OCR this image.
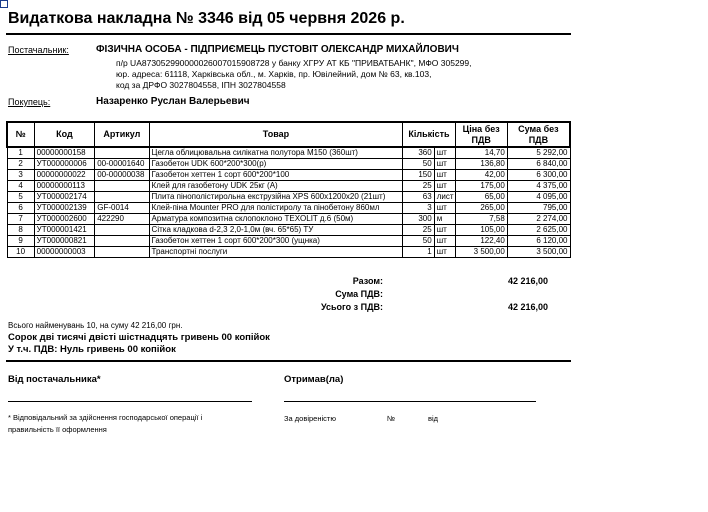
Видаткова накладна № 3346 від 05 червня 2026 р.
Постачальник:	ФІЗИЧНА ОСОБА - ПІДПРИЄМЕЦЬ ПУСТОВІТ ОЛЕКСАНДР МИХАЙЛОВИЧ
п/р UA873052990000026007015908728 у банку ХГРУ АТ КБ "ПРИВАТБАНК", МФО 305299,
юр. адреса: 61118, Харківська обл., м. Харків, пр. Ювілейний, дом № 63, кв.103,
код за ДРФО 3027804558, ІПН 3027804558
Покупець:	Назаренко Руслан Валерьевич
№	Код	Артикул	Товар	Кількість		Ціна без ПДВ	Сума без ПДВ
1	00000000158		Цегла облицювальна силікатна полутора М150 (360шт)	360	шт	14,70	5 292,00
2	УТ000000006	00-00001640	Газобетон UDK 600*200*300(р)	50	шт	136,80	6 840,00
3	00000000022	00-00000038	Газобетон хеттен 1 сорт 600*200*100	150	шт	42,00	6 300,00
4	00000000113		Клей для газобетону UDK 25кг (А)	25	шт	175,00	4 375,00
5	УТ000002174		Плита пінополістирольна екструзійна XPS 600х1200х20 (21шт)	63	лист	65,00	4 095,00
6	УТ000002139	GF-0014	Клей-піна Mounter PRO для полістиролу та пінобетону 860мл	3	шт	265,00	795,00
7	УТ000002600	422290	Арматура композитна склопоклоно TEXOLIT д.6 (50м)	300	м	7,58	2 274,00
8	УТ000001421		Сітка кладкова d-2,3 2,0-1,0м (вч. 65*65) ТУ	25	шт	105,00	2 625,00
9	УТ000000821		Газобетон хеттен 1 сорт 600*200*300 (ущнка)	50	шт	122,40	6 120,00
10	00000000003		Транспортні послуги	1	шт	3 500,00	3 500,00
Разом:	42 216,00
Сума ПДВ:
Усього з ПДВ:	42 216,00
Всього найменувань 10, на суму 42 216,00 грн.
Сорок дві тисячі двісті шістнадцять гривень 00 копійок
У т.ч. ПДВ: Нуль гривень 00 копійок
Від постачальника*	Отримав(ла)
* Відповідальний за здійснення господарської операції і
правильність її оформлення
За довіреністю	№	від
